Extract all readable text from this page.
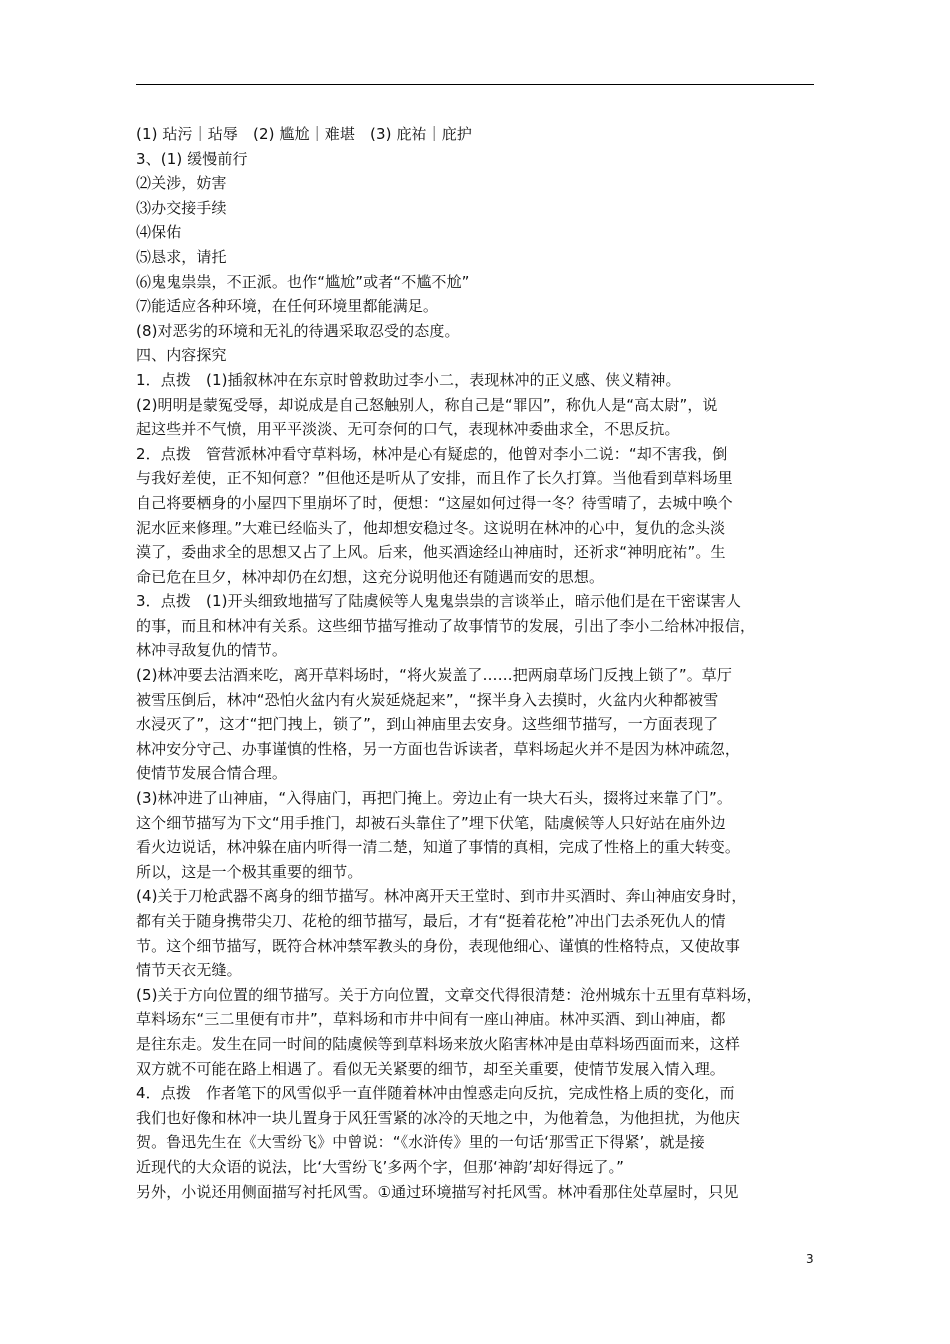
(1) 玷污｜玷辱　(2) 尴尬｜难堪　(3) 庇祐｜庇护

3、(1) 缓慢前行

⑵关涉，妨害

⑶办交接手续

⑷保佑

⑸恳求，请托

⑹鬼鬼祟祟，不正派。也作“尴尬”或者“不尴不尬”

⑺能适应各种环境，在任何环境里都能满足。

(8)对恶劣的环境和无礼的待遇采取忍受的态度。

四、内容探究

1．点拨　(1)插叙林冲在东京时曾救助过李小二，表现林冲的正义感、侠义精神。

(2)明明是蒙冤受辱，却说成是自己怒触别人，称自己是“罪囚”，称仇人是“高太尉”，说

起这些并不气愤，用平平淡淡、无可奈何的口气，表现林冲委曲求全，不思反抗。

2．点拨　管营派林冲看守草料场，林冲是心有疑虑的，他曾对李小二说：“却不害我，倒

与我好差使，正不知何意？”但他还是听从了安排，而且作了长久打算。当他看到草料场里

自己将要栖身的小屋四下里崩坏了时，便想：“这屋如何过得一冬？待雪晴了，去城中唤个

泥水匠来修理。”大难已经临头了，他却想安稳过冬。这说明在林冲的心中，复仇的念头淡

漠了，委曲求全的思想又占了上风。后来，他买酒途经山神庙时，还祈求“神明庇祐”。生

命已危在旦夕，林冲却仍在幻想，这充分说明他还有随遇而安的思想。

3．点拨　(1)开头细致地描写了陆虞候等人鬼鬼祟祟的言谈举止，暗示他们是在干密谋害人

的事，而且和林冲有关系。这些细节描写推动了故事情节的发展，引出了李小二给林冲报信，

林冲寻敌复仇的情节。

(2)林冲要去沽酒来吃，离开草料场时，“将火炭盖了……把两扇草场门反拽上锁了”。草厅

被雪压倒后，林冲“恐怕火盆内有火炭延烧起来”，“探半身入去摸时，火盆内火种都被雪

水浸灭了”，这才“把门拽上，锁了”，到山神庙里去安身。这些细节描写，一方面表现了

林冲安分守己、办事谨慎的性格，另一方面也告诉读者，草料场起火并不是因为林冲疏忽，

使情节发展合情合理。

(3)林冲进了山神庙，“入得庙门，再把门掩上。旁边止有一块大石头，掇将过来靠了门”。

这个细节描写为下文“用手推门，却被石头靠住了”埋下伏笔，陆虞候等人只好站在庙外边

看火边说话，林冲躲在庙内听得一清二楚，知道了事情的真相，完成了性格上的重大转变。

所以，这是一个极其重要的细节。

(4)关于刀枪武器不离身的细节描写。林冲离开天王堂时、到市井买酒时、奔山神庙安身时，

都有关于随身携带尖刀、花枪的细节描写，最后，才有“挺着花枪”冲出门去杀死仇人的情

节。这个细节描写，既符合林冲禁军教头的身份，表现他细心、谨慎的性格特点，又使故事

情节天衣无缝。

(5)关于方向位置的细节描写。关于方向位置，文章交代得很清楚：沧州城东十五里有草料场，

草料场东“三二里便有市井”，草料场和市井中间有一座山神庙。林冲买酒、到山神庙，都

是往东走。发生在同一时间的陆虞候等到草料场来放火陷害林冲是由草料场西面而来，这样

双方就不可能在路上相遇了。看似无关紧要的细节，却至关重要，使情节发展入情入理。

4．点拨　作者笔下的风雪似乎一直伴随着林冲由惶惑走向反抗，完成性格上质的变化，而

我们也好像和林冲一块儿置身于风狂雪紧的冰冷的天地之中，为他着急，为他担扰，为他庆

贺。鲁迅先生在《大雪纷飞》中曾说：“《水浒传》里的一句话‘那雪正下得紧’，就是接

近现代的大众语的说法，比‘大雪纷飞’多两个字，但那‘神韵’却好得远了。”

另外，小说还用侧面描写衬托风雪。①通过环境描写衬托风雪。林冲看那住处草屋时，只见

3
